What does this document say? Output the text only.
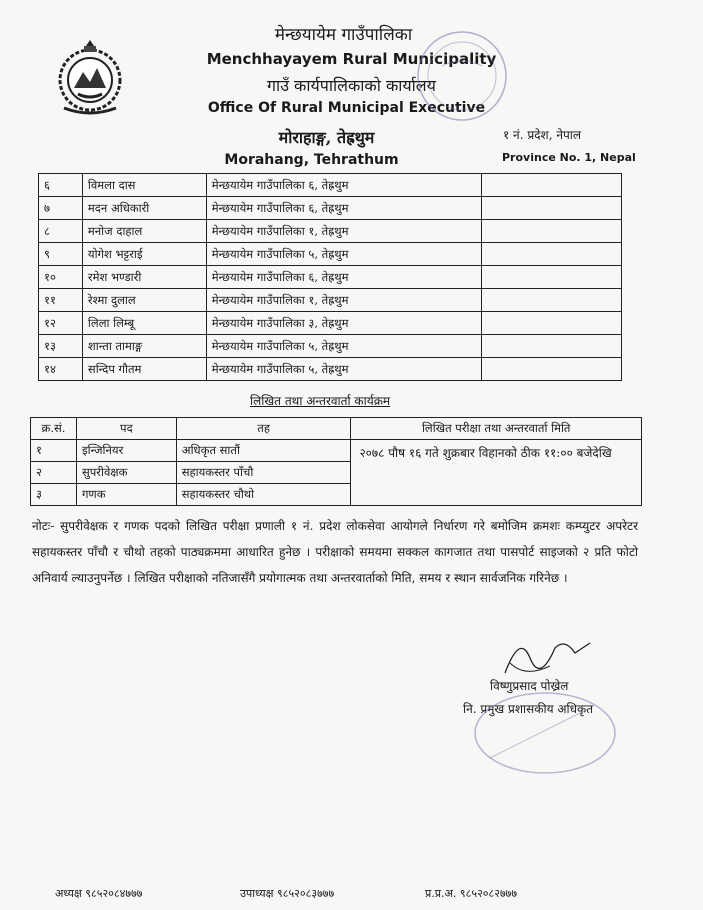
मेन्छयायेम गाउँपालिका
Menchhayayem Rural Municipality
गाउँ कार्यपालिकाको कार्यालय
Office Of Rural Municipal Executive
मोराहाङ्ग, तेह्रथुम
Morahang, Tehrathum
१ नं. प्रदेश, नेपाल
Province No. 1, Nepal
६	विमला दास	मेन्छयायेम गाउँपालिका ६, तेह्रथुम	
७	मदन अधिकारी	मेन्छयायेम गाउँपालिका ६, तेह्रथुम	
८	मनोज दाहाल	मेन्छयायेम गाउँपालिका १, तेह्रथुम	
९	योगेश भट्टराई	मेन्छयायेम गाउँपालिका ५, तेह्रथुम	
१०	रमेश भण्डारी	मेन्छयायेम गाउँपालिका ६, तेह्रथुम	
११	रेश्मा दुलाल	मेन्छयायेम गाउँपालिका १, तेह्रथुम	
१२	लिला लिम्बू	मेन्छयायेम गाउँपालिका ३, तेह्रथुम	
१३	शान्ता तामाङ्ग	मेन्छयायेम गाउँपालिका ५, तेह्रथुम	
१४	सन्दिप गौतम	मेन्छयायेम गाउँपालिका ५, तेह्रथुम	
लिखित तथा अन्तरवार्ता कार्यक्रम
क्र.सं.	पद	तह	लिखित परीक्षा तथा अन्तरवार्ता मिति
१	इन्जिनियर	अधिकृत सातौं	२०७८ पौष १६ गते शुक्रबार विहानको ठीक ११:०० बजेदेखि
२	सुपरीवेक्षक	सहायकस्तर पाँचौ	
३	गणक	सहायकस्तर चौथो	
नोटः- सुपरीवेक्षक र गणक पदको लिखित परीक्षा प्रणाली १ नं. प्रदेश लोकसेवा आयोगले निर्धारण गरे बमोजिम क्रमशः कम्प्युटर अपरेटर सहायकस्तर पाँचौ र चौथो तहको पाठ्यक्रममा आधारित हुनेछ । परीक्षाको समयमा सक्कल कागजात तथा पासपोर्ट साइजको २ प्रति फोटो अनिवार्य ल्याउनुपर्नेछ । लिखित परीक्षाको नतिजासँगै प्रयोगात्मक तथा अन्तरवार्ताको मिति, समय र स्थान सार्वजनिक गरिनेछ ।
विष्णुप्रसाद पोख्रेल
नि. प्रमुख प्रशासकीय अधिकृत
अध्यक्ष ९८५२०८४७७७	उपाध्यक्ष ९८५२०८३७७७	प्र.प्र.अ. ९८५२०८२७७७
